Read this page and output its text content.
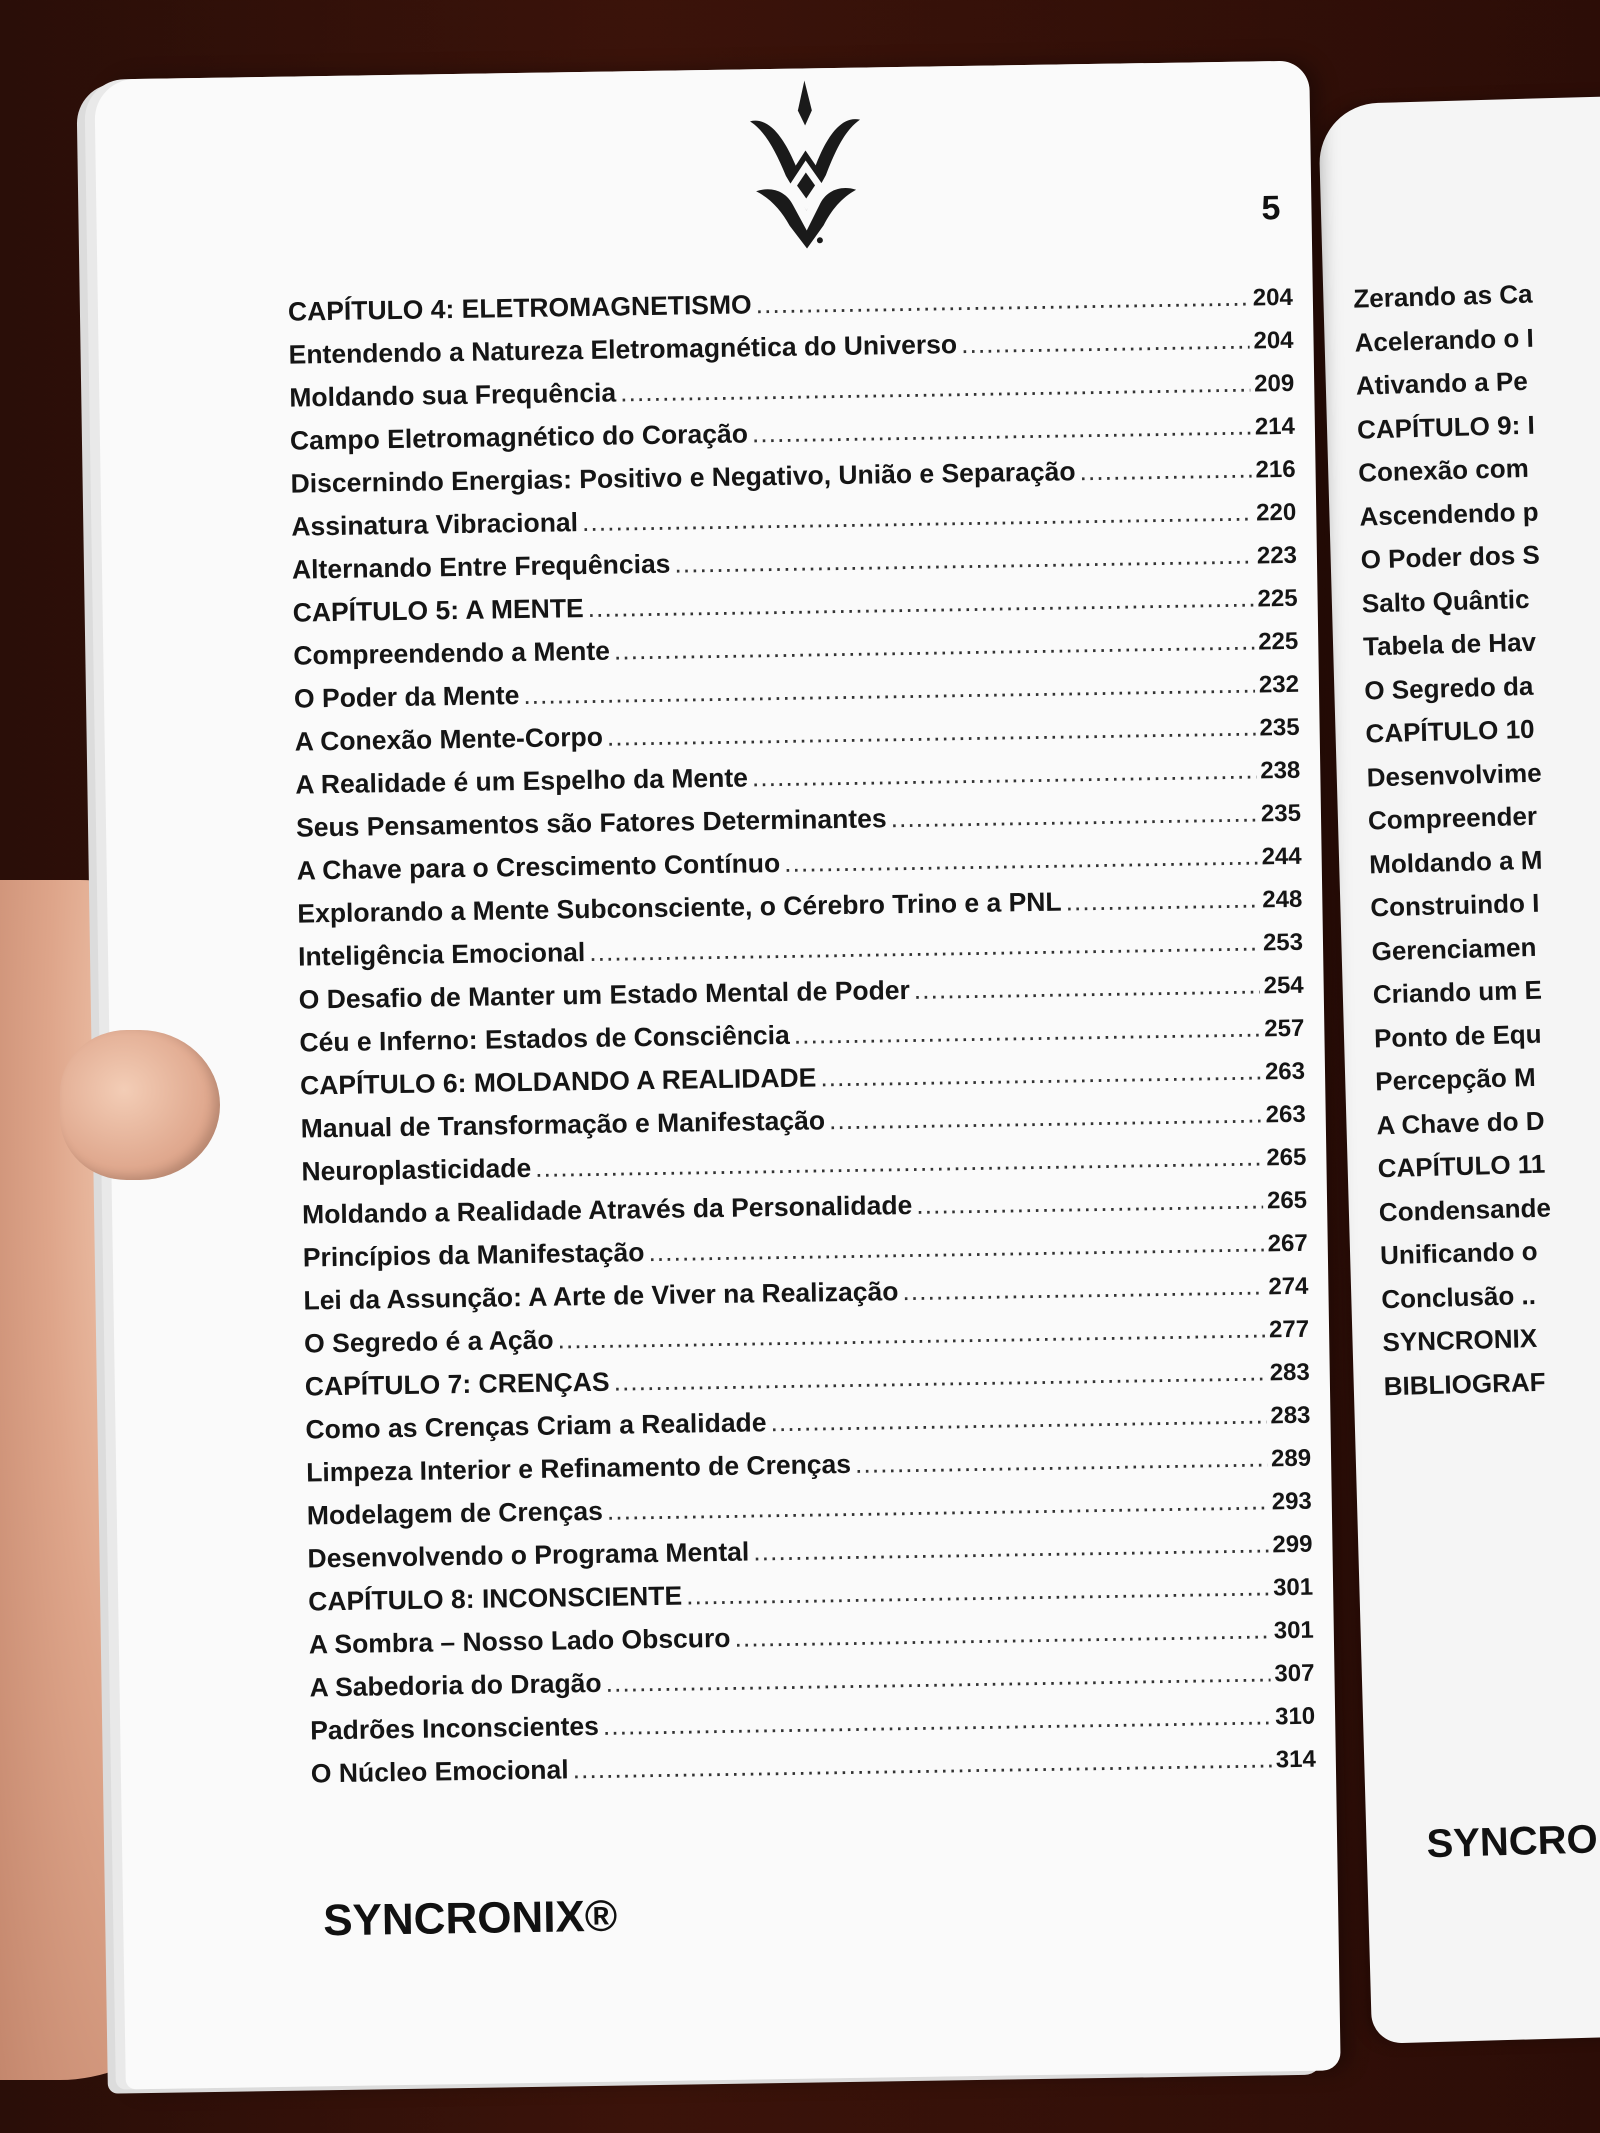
Zerando as Ca
Acelerando o I
Ativando a Pe
CAPÍTULO 9: I
Conexão com
Ascendendo p
O Poder dos S
Salto Quântic
Tabela de Hav
O Segredo da
CAPÍTULO 10
Desenvolvime
Compreender
Moldando a M
Construindo I
Gerenciamen
Criando um E
Ponto de Equ
Percepção M
A Chave do D
CAPÍTULO 11
Condensande
Unificando o
Conclusão ..
SYNCRONIX
BIBLIOGRAF
SYNCRO
5
CAPÍTULO 4: ELETROMAGNETISMO .....	204
Entendendo a Natureza Eletromagnética do Universo .....	204
Moldando sua Frequência .....	209
Campo Eletromagnético do Coração .....	214
Discernindo Energias: Positivo e Negativo, União e Separação .....	216
Assinatura Vibracional .....	220
Alternando Entre Frequências .....	223
CAPÍTULO 5: A MENTE .....	225
Compreendendo a Mente .....	225
O Poder da Mente .....	232
A Conexão Mente-Corpo .....	235
A Realidade é um Espelho da Mente .....	238
Seus Pensamentos são Fatores Determinantes .....	235
A Chave para o Crescimento Contínuo .....	244
Explorando a Mente Subconsciente, o Cérebro Trino e a PNL .....	248
Inteligência Emocional .....	253
O Desafio de Manter um Estado Mental de Poder .....	254
Céu e Inferno: Estados de Consciência .....	257
CAPÍTULO 6: MOLDANDO A REALIDADE .....	263
Manual de Transformação e Manifestação .....	263
Neuroplasticidade .....	265
Moldando a Realidade Através da Personalidade .....	265
Princípios da Manifestação .....	267
Lei da Assunção: A Arte de Viver na Realização .....	274
O Segredo é a Ação .....	277
CAPÍTULO 7: CRENÇAS .....	283
Como as Crenças Criam a Realidade .....	283
Limpeza Interior e Refinamento de Crenças .....	289
Modelagem de Crenças .....	293
Desenvolvendo o Programa Mental .....	299
CAPÍTULO 8: INCONSCIENTE .....	301
A Sombra – Nosso Lado Obscuro .....	301
A Sabedoria do Dragão .....	307
Padrões Inconscientes .....	310
O Núcleo Emocional .....	314
SYNCRONIX®
